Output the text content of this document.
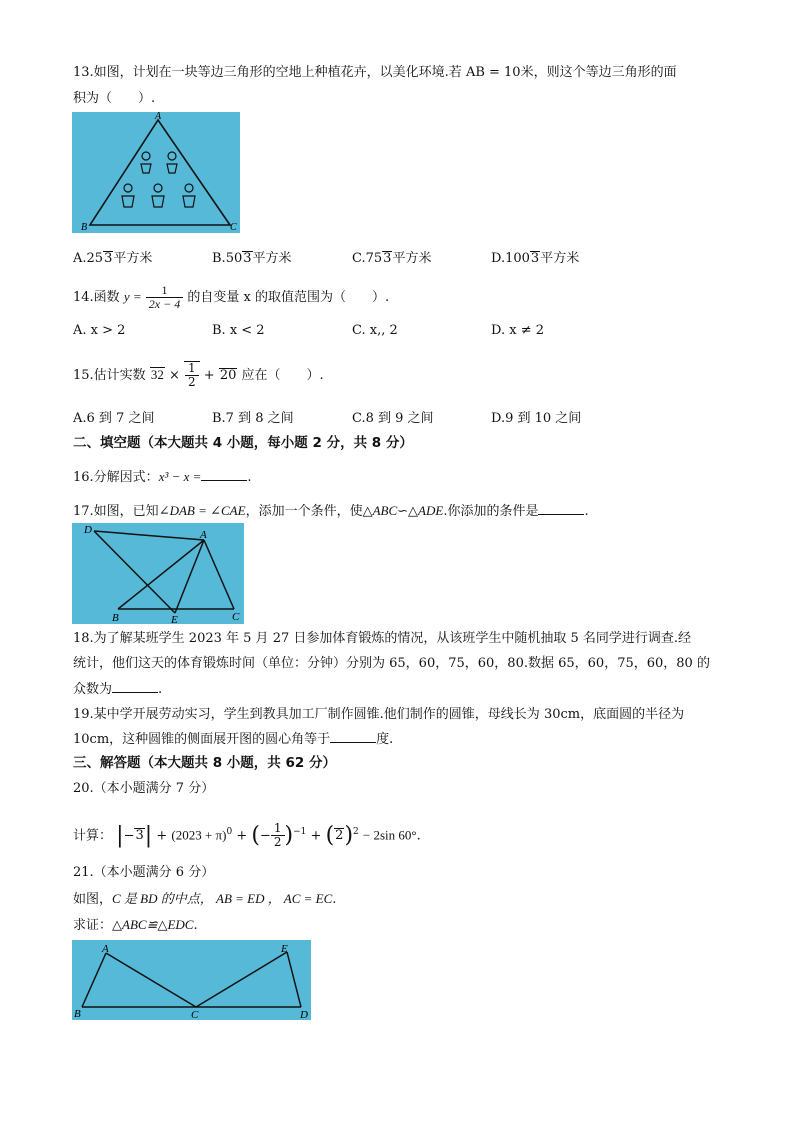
13.如图，计划在一块等边三角形的空地上种植花卉，以美化环境.若 AB = 10米，则这个等边三角形的面
积为（　　）.
A
B	C
A.253平方米	B.503平方米	C.753平方米	D.1003平方米
14.函数 $y = \frac{1}{2x - 4}$ 的自变量 x 的取值范围为（　　）.
A. x > 2	B. x < 2	C. x,, 2	D. x ≠ 2
15.估计实数 $32 \times \frac{1}{2} + 20$ 应在（　　）.
A.6 到 7 之间	B.7 到 8 之间	C.8 到 9 之间	D.9 到 10 之间
二、填空题（本大题共 4 小题，每小题 2 分，共 8 分）
16.分解因式：x³ − x =	.
17.如图，已知∠DAB = ∠CAE，添加一个条件，使△ABC∽△ADE.你添加的条件是	.
D	A
B	E	C
18.为了解某班学生 2023 年 5 月 27 日参加体育锻炼的情况，从该班学生中随机抽取 5 名同学进行调查.经
统计，他们这天的体育锻炼时间（单位：分钟）分别为 65，60，75，60，80.数据 65，60，75，60，80 的
众数为	.
19.某中学开展劳动实习，学生到教具加工厂制作圆锥.他们制作的圆锥，母线长为 30cm，底面圆的半径为
10cm，这种圆锥的侧面展开图的圆心角等于	度.
三、解答题（本大题共 8 小题，共 62 分）
20.（本小题满分 7 分）
计算： $|-3| + (2023 + \pi)^0$ + (− $\frac{1}{2} )^{-1} + (2)^2 - 2\sin$ 60°.
21.（本小题满分 6 分）
如图，C 是 BD 的中点， AB = ED ， AC = EC.
求证：△ABC≌△EDC.
A
B	C
E
D
